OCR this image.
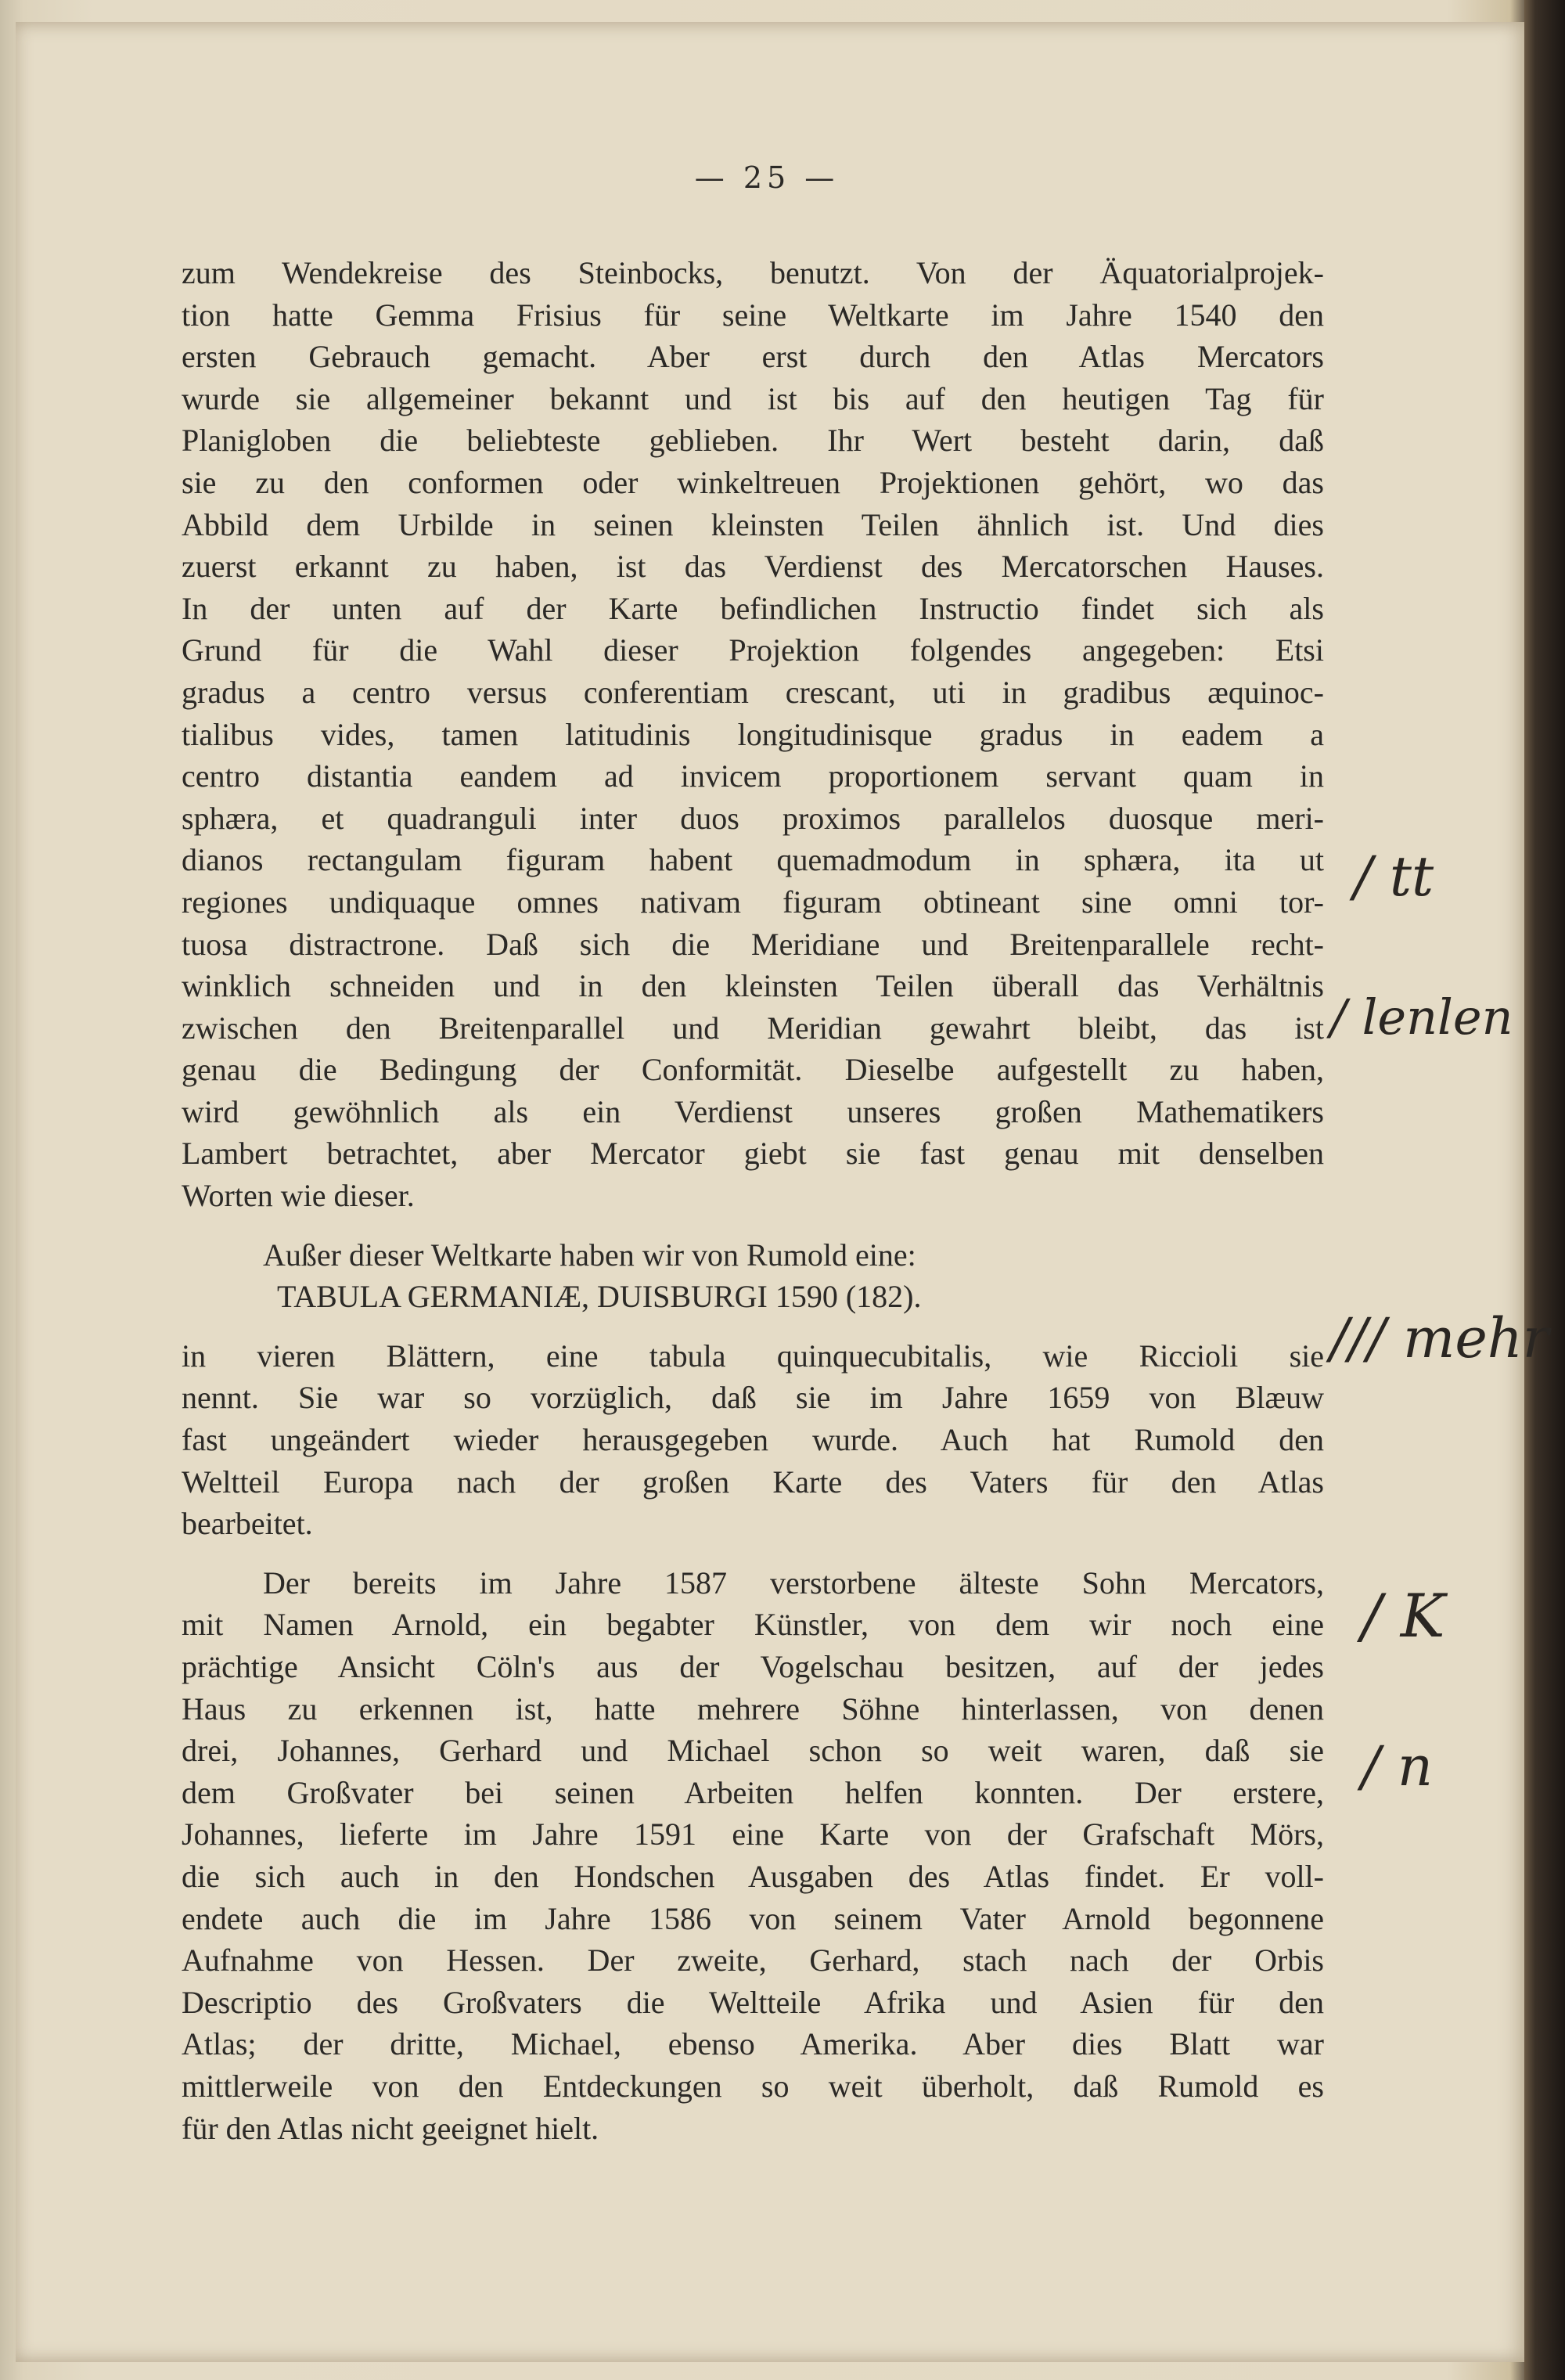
— 25 —
zum Wendekreise des Steinbocks, benutzt. Von der Äquatorialprojek-
tion hatte Gemma Frisius für seine Weltkarte im Jahre 1540 den
ersten Gebrauch gemacht. Aber erst durch den Atlas Mercators
wurde sie allgemeiner bekannt und ist bis auf den heutigen Tag für
Planigloben die beliebteste geblieben. Ihr Wert besteht darin, daß
sie zu den conformen oder winkeltreuen Projektionen gehört, wo das
Abbild dem Urbilde in seinen kleinsten Teilen ähnlich ist. Und dies
zuerst erkannt zu haben, ist das Verdienst des Mercatorschen Hauses.
In der unten auf der Karte befindlichen Instructio findet sich als
Grund für die Wahl dieser Projektion folgendes angegeben: Etsi
gradus a centro versus conferentiam crescant, uti in gradibus æquinoc-
tialibus vides, tamen latitudinis longitudinisque gradus in eadem a
centro distantia eandem ad invicem proportionem servant quam in
sphæra, et quadranguli inter duos proximos parallelos duosque meri-
dianos rectangulam figuram habent quemadmodum in sphæra, ita ut
regiones undiquaque omnes nativam figuram obtineant sine omni tor-
tuosa distractrone. Daß sich die Meridiane und Breitenparallele recht-
winklich schneiden und in den kleinsten Teilen überall das Verhältnis
zwischen den Breitenparallel und Meridian gewahrt bleibt, das ist
genau die Bedingung der Conformität. Dieselbe aufgestellt zu haben,
wird gewöhnlich als ein Verdienst unseres großen Mathematikers
Lambert betrachtet, aber Mercator giebt sie fast genau mit denselben
Worten wie dieser.
Außer dieser Weltkarte haben wir von Rumold eine:
TABULA GERMANIÆ, DUISBURGI 1590 (182).
in vieren Blättern, eine tabula quinquecubitalis, wie Riccioli sie
nennt. Sie war so vorzüglich, daß sie im Jahre 1659 von Blæuw
fast ungeändert wieder herausgegeben wurde. Auch hat Rumold den
Weltteil Europa nach der großen Karte des Vaters für den Atlas
bearbeitet.
Der bereits im Jahre 1587 verstorbene älteste Sohn Mercators,
mit Namen Arnold, ein begabter Künstler, von dem wir noch eine
prächtige Ansicht Cöln's aus der Vogelschau besitzen, auf der jedes
Haus zu erkennen ist, hatte mehrere Söhne hinterlassen, von denen
drei, Johannes, Gerhard und Michael schon so weit waren, daß sie
dem Großvater bei seinen Arbeiten helfen konnten. Der erstere,
Johannes, lieferte im Jahre 1591 eine Karte von der Grafschaft Mörs,
die sich auch in den Hondschen Ausgaben des Atlas findet. Er voll-
endete auch die im Jahre 1586 von seinem Vater Arnold begonnene
Aufnahme von Hessen. Der zweite, Gerhard, stach nach der Orbis
Descriptio des Großvaters die Weltteile Afrika und Asien für den
Atlas; der dritte, Michael, ebenso Amerika. Aber dies Blatt war
mittlerweile von den Entdeckungen so weit überholt, daß Rumold es
für den Atlas nicht geeignet hielt.
/ tt
/ lenlen
/// mehr
/ K
/ n
